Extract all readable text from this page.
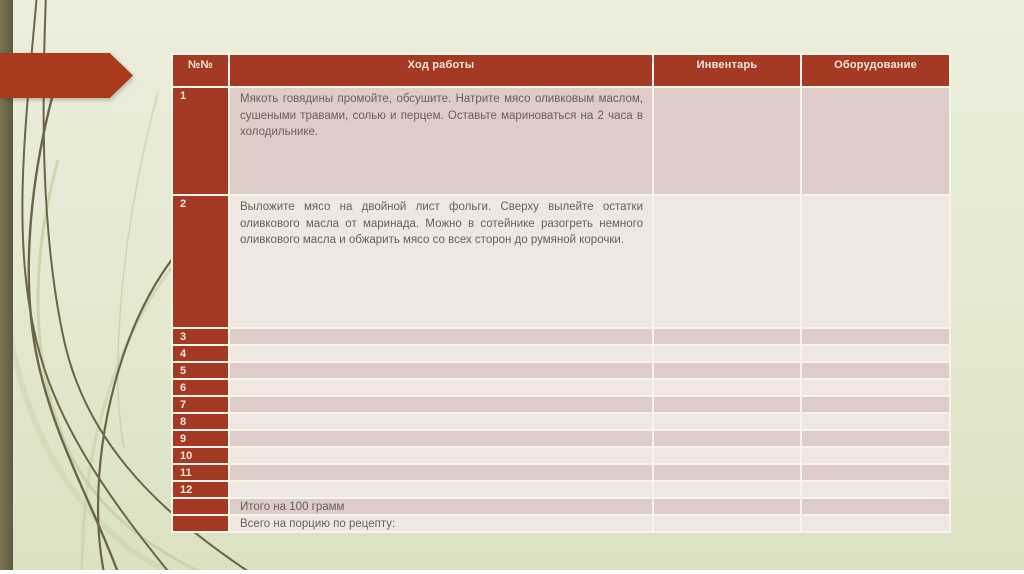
№№	Ход работы	Инвентарь	Оборудование
1	Мякоть говядины промойте, обсушите. Натрите мясо оливковым маслом, сушеными травами, солью и перцем. Оставьте мариноваться на 2 часа в холодильнике.		
2	Выложите мясо на двойной лист фольги. Сверху вылейте остатки оливкового масла от маринада. Можно в сотейнике разогреть немного оливкового масла и обжарить мясо со всех сторон до румяной корочки.		
3			
4			
5			
6			
7			
8			
9			
10			
11			
12			
	Итого на 100 грамм		
	Всего на порцию по рецепту:		
